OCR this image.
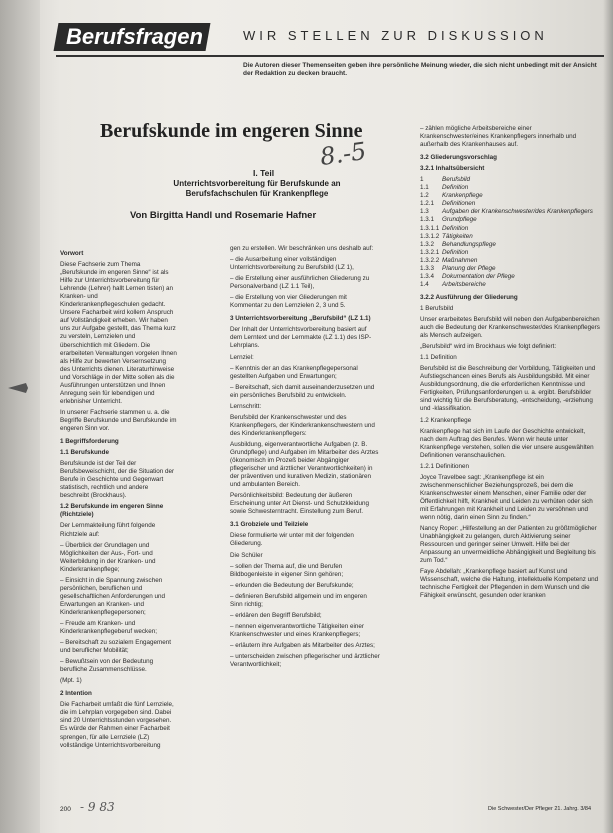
Berufsfragen	WIR STELLEN ZUR DISKUSSION
Die Autoren dieser Themenseiten geben ihre persönliche Meinung wieder, die sich nicht unbedingt mit der Ansicht der Redaktion zu decken braucht.
Berufskunde im engeren Sinne
8.-5
I. Teil
Unterrichtsvorbereitung für Berufskunde an Berufsfachschulen für Krankenpflege
Von Birgitta Handl und Rosemarie Hafner

Vorwort

Diese Fachserie zum Thema „Berufskunde im engeren Sinne“ ist als Hilfe zur Unterrichtsvorbereitung für Lehrende (Lehrer) hallt Lernen tisten) an Kranken- und Kinderkrankenpflegeschulen gedacht. Unsere Facharbeit wird kollern Anspruch auf Vollständigkeit erheben. Wir haben uns zur Aufgabe gestellt, das Thema kurz zu versteln, Lernzielen und überschichtlich mit Gliedern. Die erarbeiteten Verwaltungen vorgelen Ihnen als Hilfe zur bewerten Versernsetzung des Unterrichts dienen. Literaturhinweise und Vorschläge in der Mitte sollen als die Ausführungen unterstützen und Ihnen Anregung sein für lebendigen und erlebnisher Unterricht.

In unserer Fachserie stammen u. a. die Begriffe Berufskunde und Berufskunde im engeren Sinn vor.

1 Begriffsforderung

1.1 Berufskunde

Berufskunde ist der Teil der Berufsbeweischicht, der die Situation der Berufe in Geschichte und Gegenwart statistisch, rechtlich und andere beschreibt (Brockhaus).

1.2 Berufskunde im engeren Sinne (Richtziele)

Der Lernmakteilung führt folgende Richtziele auf:

– Überblick der Grundlagen und Möglichkeiten der Aus-, Fort- und Weiterbildung in der Kranken- und Kinderkrankenpflege;

– Einsicht in die Spannung zwischen persönlichen, beruflichen und gesellschaftlichen Anforderungen und Erwartungen an Kranken- und Kinderkrankenpflegepersonen;

– Freude am Kranken- und Kinderkrankenpflegeberuf wecken;

– Bereitschaft zu sozialem Engagement und beruflicher Mobilität;

– Bewußtsein von der Bedeutung berufliche Zusammenschlüsse.

(Mpt. 1)

2 Intention

Die Facharbeit umfaßt die fünf Lernziele, die im Lehrplan vorgegeben sind. Dabei sind 20 Unterrichtsstunden vorgesehen. Es würde der Rahmen einer Facharbeit sprengen, für alle Lernziele (LZ) vollständige Unterrichtsvorbereitung

gen zu erstellen. Wir beschränken uns deshalb auf:

– die Ausarbeitung einer vollständigen Unterrichtsvorbereitung zu Berufsbild (LZ 1),

– die Erstellung einer ausführlichen Gliederung zu Personalverband (LZ 1.1 Teil),

– die Erstellung von vier Gliederungen mit Kommentar zu den Lernzielen 2, 3 und 5.

3 Unterrichtsvorbereitung „Berufsbild“ (LZ 1.1)

Der Inhalt der Unterrichtsvorbereitung basiert auf dem Lerntext und der Lernmakte (LZ 1.1) des ISP-Lehrplans.

Lernziel:

– Kenntnis der an das Krankenpflegepersonal gestellten Aufgaben und Erwartungen;

– Bereitschaft, sich damit auseinanderzusetzen und ein persönliches Berufsbild zu entwickeln.

Lernschritt:

Berufsbild der Krankenschwester und des Krankenpflegers, der Kinderkrankenschwestern und des Kinderkrankenpflegers:

Ausbildung, eigenverantwortliche Aufgaben (z. B. Grundpflege) und Aufgaben im Mitarbeiter des Arztes (ökonomisch im Prozeß beider Abgängiger pflegerischer und ärztlicher Verantwortlichkeiten) in der präventiven und kurativen Medizin, stationären und ambulanten Bereich.

Persönlichkeitsbild: Bedeutung der äußeren Erscheinung unter Art Dienst- und Schutzkleidung sowie Schwesterntracht. Einstellung zum Beruf.

3.1 Grobziele und Teilziele

Diese formulierte wir unter mit der folgenden Gliederung.

Die Schüler

– sollen der Thema auf, die und Berufen Bildbogenleiste in eigener Sinn gehören;

– erkunden die Bedeutung der Berufskunde;

– definieren Berufsbild allgemein und im engeren Sinn richtig;

– erklären den Begriff Berufsbild;

– nennen eigenverantwortliche Tätigkeiten einer Krankenschwester und eines Krankenpflegers;

– erläutern ihre Aufgaben als Mitarbeiter des Arztes;

– unterscheiden zwischen pflegerischer und ärztlicher Verantwortlichkeit;

– zählen mögliche Arbeitsbereiche einer Krankenschwester/eines Krankenpflegers innerhalb und außerhalb des Krankenhauses auf.

3.2 Gliederungsvorschlag

3.2.1 Inhaltsübersicht

1	Berufsbild
1.1	Definition
1.2	Krankenpflege
1.2.1	Definitionen
1.3	Aufgaben der Krankenschwester/des Krankenpflegers
1.3.1	Grundpflege
1.3.1.1 Definition
1.3.1.2 Tätigkeiten
1.3.2	Behandlungspflege
1.3.2.1 Definition
1.3.2.2 Maßnahmen
1.3.3	Planung der Pflege
1.3.4	Dokumentation der Pflege
1.4	Arbeitsbereiche

3.2.2 Ausführung der Gliederung

1 Berufsbild

Unser erarbeitetes Berufsbild will neben den Aufgabenbereichen auch die Bedeutung der Krankenschwester/des Krankenpflegers als Mensch aufzeigen.

„Berufsbild“ wird im Brockhaus wie folgt definiert:

1.1 Definition

Berufsbild ist die Beschreibung der Vorbildung, Tätigkeiten und Aufstiegschancen eines Berufs als Ausbildungsbild. Mit einer Ausbildungsordnung, die die erforderlichen Kenntnisse und Fertigkeiten, Prüfungsanforderungen u. a. ergibt. Berufsbilder sind wichtig für die Berufsberatung, -entscheidung, -erziehung und -klassifikation.

1.2 Krankenpflege

Krankenpflege hat sich im Laufe der Geschichte entwickelt, nach dem Auftrag des Berufes. Wenn wir heute unter Krankenpflege verstehen, sollen die vier unsere ausgewählten Definitionen veranschaulichen.

1.2.1 Definitionen

Joyce Travelbee sagt: „Krankenpflege ist ein zwischenmenschlicher Beziehungsprozeß, bei dem die Krankenschwester einem Menschen, einer Familie oder der Öffentlichkeit hilft, Krankheit und Leiden zu verhüten oder sich mit Erfahrungen mit Krankheit und Leiden zu versöhnen und wenn nötig, darin einen Sinn zu finden.“

Nancy Roper: „Hilfestellung an der Patienten zu größtmöglicher Unabhängigkeit zu gelangen, durch Aktivierung seiner Ressourcen und geringer seiner Umwelt. Hilfe bei der Anpassung an unvermeidliche Abhängigkeit und Begleitung bis zum Tod.“

Faye Abdellah: „Krankenpflege basiert auf Kunst und Wissenschaft, welche die Haltung, intellektuelle Kompetenz und technische Fertigkeit der Pflegenden in dem Wunsch und die Fähigkeit erwünscht, gesunden oder kranken

200 - 9 83	Die Schwester/Der Pfleger 21. Jahrg. 3/84
